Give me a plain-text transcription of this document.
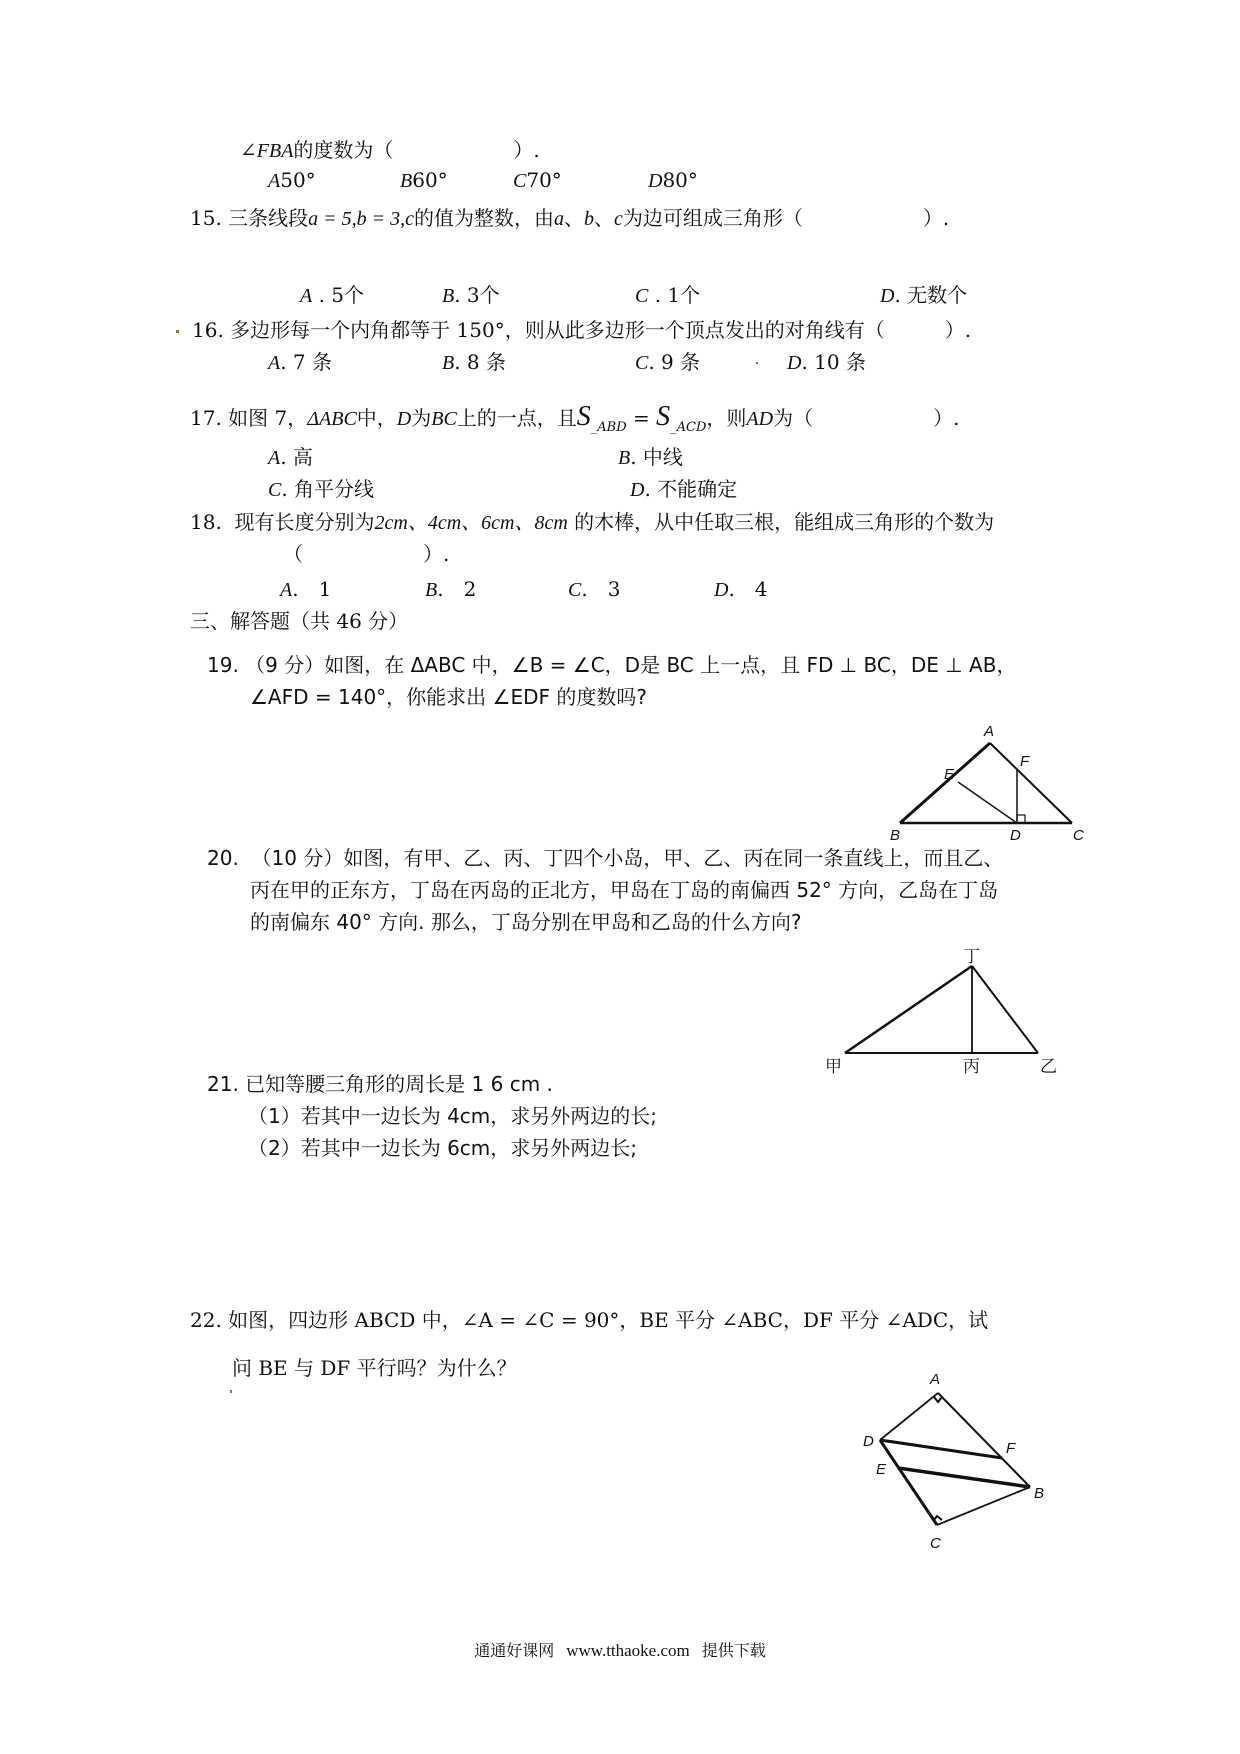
∠FBA的度数为（　　　　　　）.
A50°	B60°	C70°	D80°
15. 三条线段a = 5,b = 3,c的值为整数，由a、b、c为边可组成三角形（　　　　　　）.
A . 5个	B. 3个	C . 1个	D. 无数个
16. 多边形每一个内角都等于 150°，则从此多边形一个顶点发出的对角线有（　　　）.
A. 7 条	B. 8 条	C. 9 条	D. 10 条
17. 如图 7，ΔABC中，D为BC上的一点，且$S_{\_ABD} = S_{\_ACD}$，则AD为（　　　　　　）.
A. 高	B. 中线
C. 角平分线	D. 不能确定
18. 现有长度分别为2cm、4cm、6cm、8cm 的木棒，从中任取三根，能组成三角形的个数为
（　　　　　　）.
A.　1	B.　2	C.　3	D.　4
三、解答题（共 46 分）
19. （9 分）如图，在 ΔABC 中，∠B = ∠C，D是 BC 上一点，且 FD ⊥ BC，DE ⊥ AB，
∠AFD = 140°，你能求出 ∠EDF 的度数吗?
A
B	C
D
E
F
20. （10 分）如图，有甲、乙、丙、丁四个小岛，甲、乙、丙在同一条直线上，而且乙、
丙在甲的正东方，丁岛在丙岛的正北方，甲岛在丁岛的南偏西 52° 方向，乙岛在丁岛
的南偏东 40° 方向. 那么，丁岛分别在甲岛和乙岛的什么方向?
丁
甲	丙	乙
21. 已知等腰三角形的周长是 1 6 cm .
（1）若其中一边长为 4cm，求另外两边的长;
（2）若其中一边长为 6cm，求另外两边长;
22. 如图，四边形 ABCD 中，∠A = ∠C = 90°，BE 平分 ∠ABC，DF 平分 ∠ADC，试
问 BE 与 DF 平行吗？为什么？	A
D
E
F
B
C
通通好课网 www.tthaoke.com 提供下载
